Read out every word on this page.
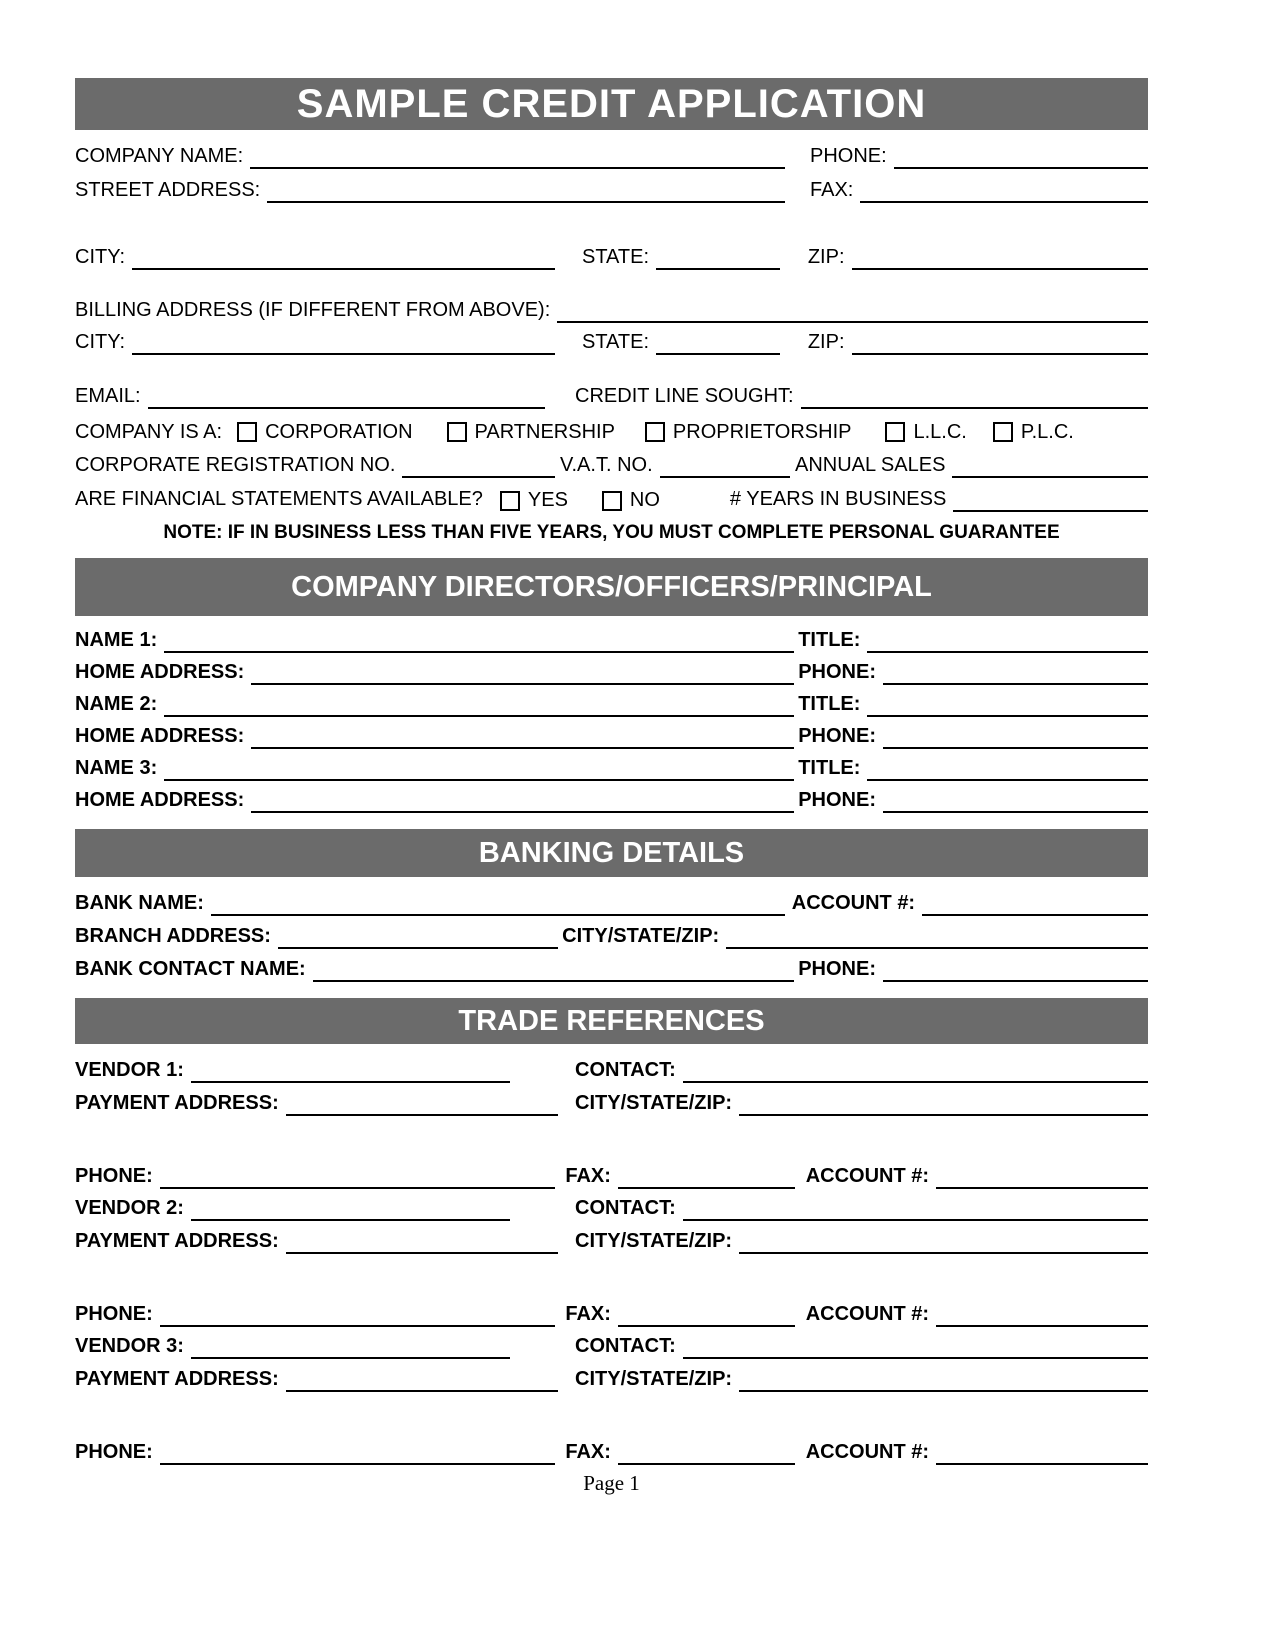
SAMPLE CREDIT APPLICATION
COMPANY NAME:	PHONE:
STREET ADDRESS:	FAX:
CITY:	STATE:	ZIP:
BILLING ADDRESS (IF DIFFERENT FROM ABOVE):
CITY:	STATE:	ZIP:
EMAIL:	CREDIT LINE SOUGHT:
COMPANY IS A:	CORPORATION	PARTNERSHIP	PROPRIETORSHIP	L.L.C.	P.L.C.
CORPORATE REGISTRATION NO.	V.A.T. NO.	ANNUAL SALES
ARE FINANCIAL STATEMENTS AVAILABLE?	YES	NO	# YEARS IN BUSINESS
NOTE: IF IN BUSINESS LESS THAN FIVE YEARS, YOU MUST COMPLETE PERSONAL GUARANTEE
COMPANY DIRECTORS/OFFICERS/PRINCIPAL
NAME 1:	TITLE:
HOME ADDRESS:	PHONE:
NAME 2:	TITLE:
HOME ADDRESS:	PHONE:
NAME 3:	TITLE:
HOME ADDRESS:	PHONE:
BANKING DETAILS
BANK NAME:	ACCOUNT #:
BRANCH ADDRESS:	CITY/STATE/ZIP:
BANK CONTACT NAME:	PHONE:
TRADE REFERENCES
VENDOR 1:	CONTACT:
PAYMENT ADDRESS:	CITY/STATE/ZIP:
PHONE:	FAX:	ACCOUNT #:
VENDOR 2:	CONTACT:
PAYMENT ADDRESS:	CITY/STATE/ZIP:
PHONE:	FAX:	ACCOUNT #:
VENDOR 3:	CONTACT:
PAYMENT ADDRESS:	CITY/STATE/ZIP:
PHONE:	FAX:	ACCOUNT #:
Page 1
